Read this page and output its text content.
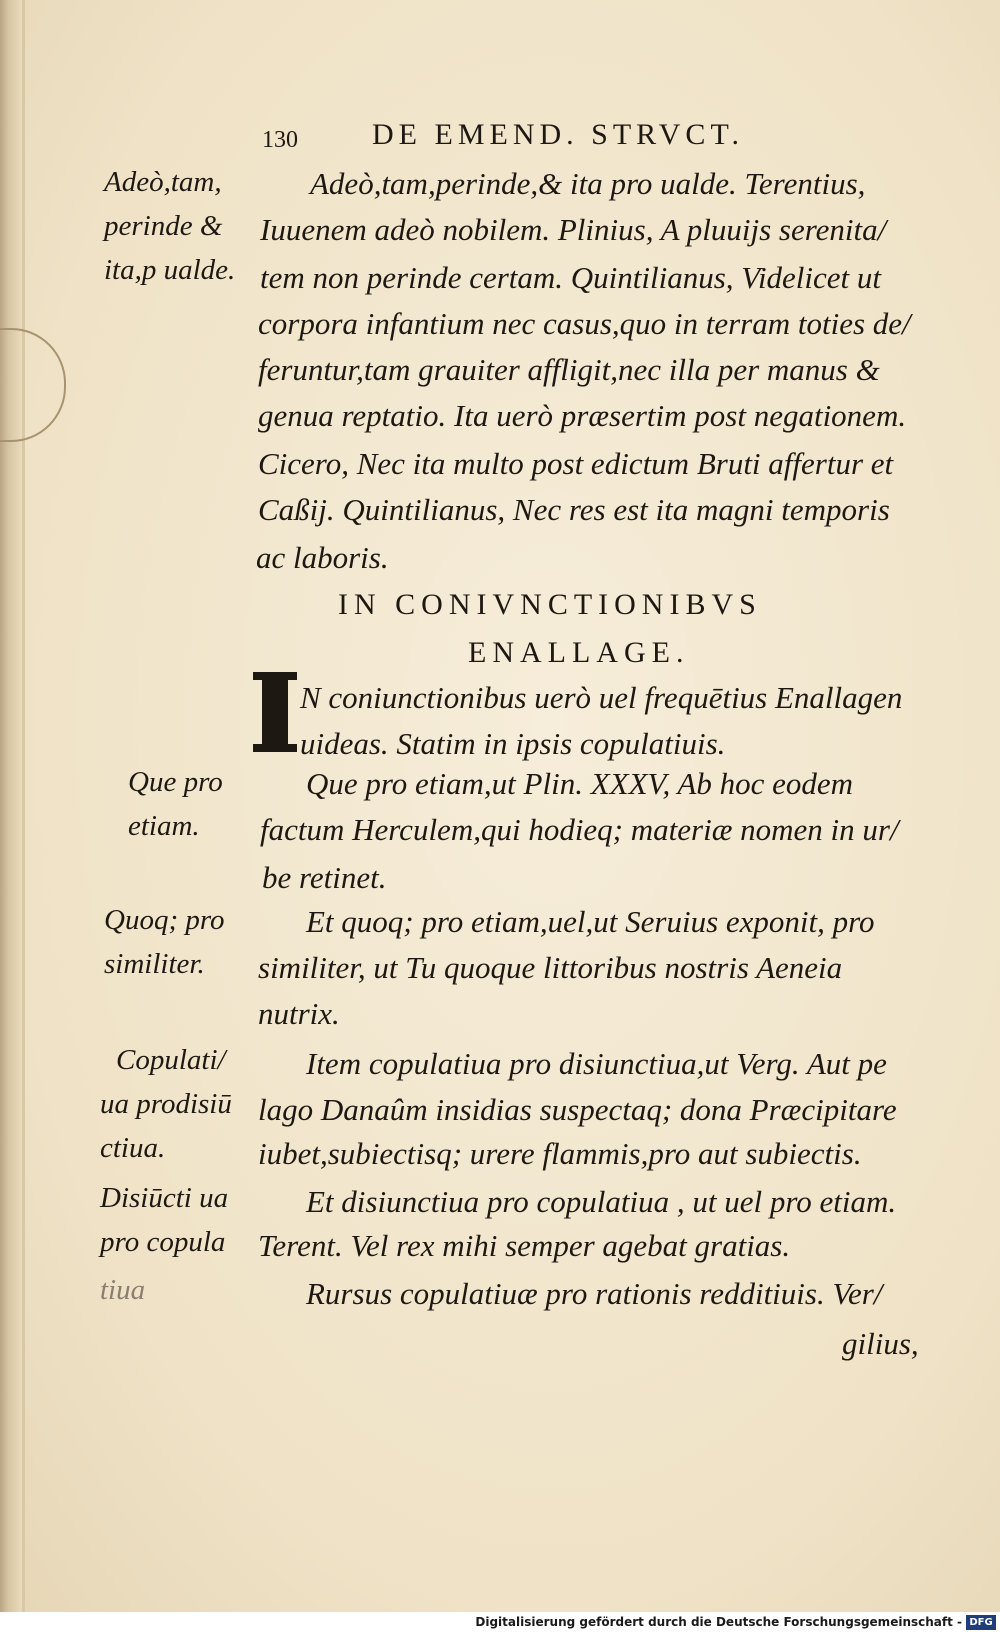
130 DE EMEND. STRVCT.
Adeò,tam,
perinde &
ita,p ualde.
Que pro
etiam.
Quoq; pro
similiter.
Copulati/
ua prodisiū
ctiua.
Disiūcti ua
pro copula
tiua
Adeò,tam,perinde,& ita pro ualde. Terentius,
Iuuenem adeò nobilem. Plinius, A pluuijs serenita/
tem non perinde certam. Quintilianus, Videlicet ut
corpora infantium nec casus,quo in terram toties de/
feruntur,tam grauiter affligit,nec illa per manus &
genua reptatio. Ita uerò præsertim post negationem.
Cicero, Nec ita multo post edictum Bruti affertur et
Caßij. Quintilianus, Nec res est ita magni temporis
ac laboris.
IN CONIVNCTIONIBVS
ENALLAGE.
N coniunctionibus uerò uel frequētius Enallagen
uideas. Statim in ipsis copulatiuis.
Que pro etiam,ut Plin. XXXV, Ab hoc eodem
factum Herculem,qui hodieq; materiæ nomen in ur/
be retinet.
Et quoq; pro etiam,uel,ut Seruius exponit, pro
similiter, ut Tu quoque littoribus nostris Aeneia
nutrix.
Item copulatiua pro disiunctiua,ut Verg. Aut pe
lago Danaûm insidias suspectaq; dona Præcipitare
iubet,subiectisq; urere flammis,pro aut subiectis.
Et disiunctiua pro copulatiua , ut uel pro etiam.
Terent. Vel rex mihi semper agebat gratias.
Rursus copulatiuæ pro rationis redditiuis. Ver/
gilius,
Digitalisierung gefördert durch die Deutsche Forschungsgemeinschaft - DFG
